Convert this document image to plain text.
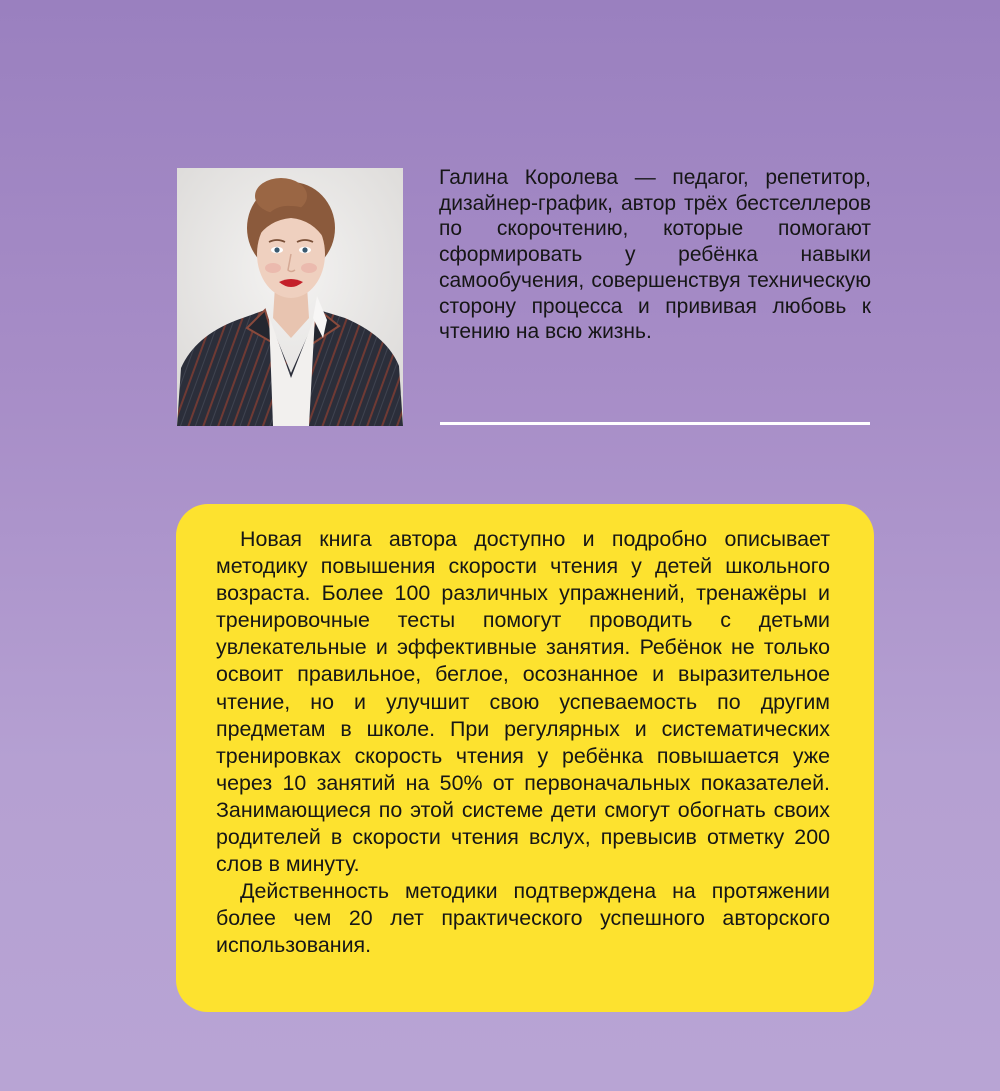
Галина Королева — педагог, репетитор, дизайнер-график, автор трёх бестселлеров по скорочтению, которые помогают сформировать у ребёнка навыки самообучения, совершенствуя техническую сторону процесса и прививая любовь к чтению на всю жизнь.

Новая книга автора доступно и подробно описывает методику повышения скорости чтения у детей школьного возраста. Более 100 различных упражнений, тренажёры и тренировочные тесты помогут проводить с детьми увлекательные и эффективные занятия. Ребёнок не только освоит правильное, беглое, осознанное и выразительное чтение, но и улучшит свою успеваемость по другим предметам в школе. При регулярных и систематических тренировках скорость чтения у ребёнка повышается уже через 10 занятий на 50% от первоначальных показателей. Занимающиеся по этой системе дети смогут обогнать своих родителей в скорости чтения вслух, превысив отметку 200 слов в минуту.

Действенность методики подтверждена на протяжении более чем 20 лет практического успешного авторского использования.
